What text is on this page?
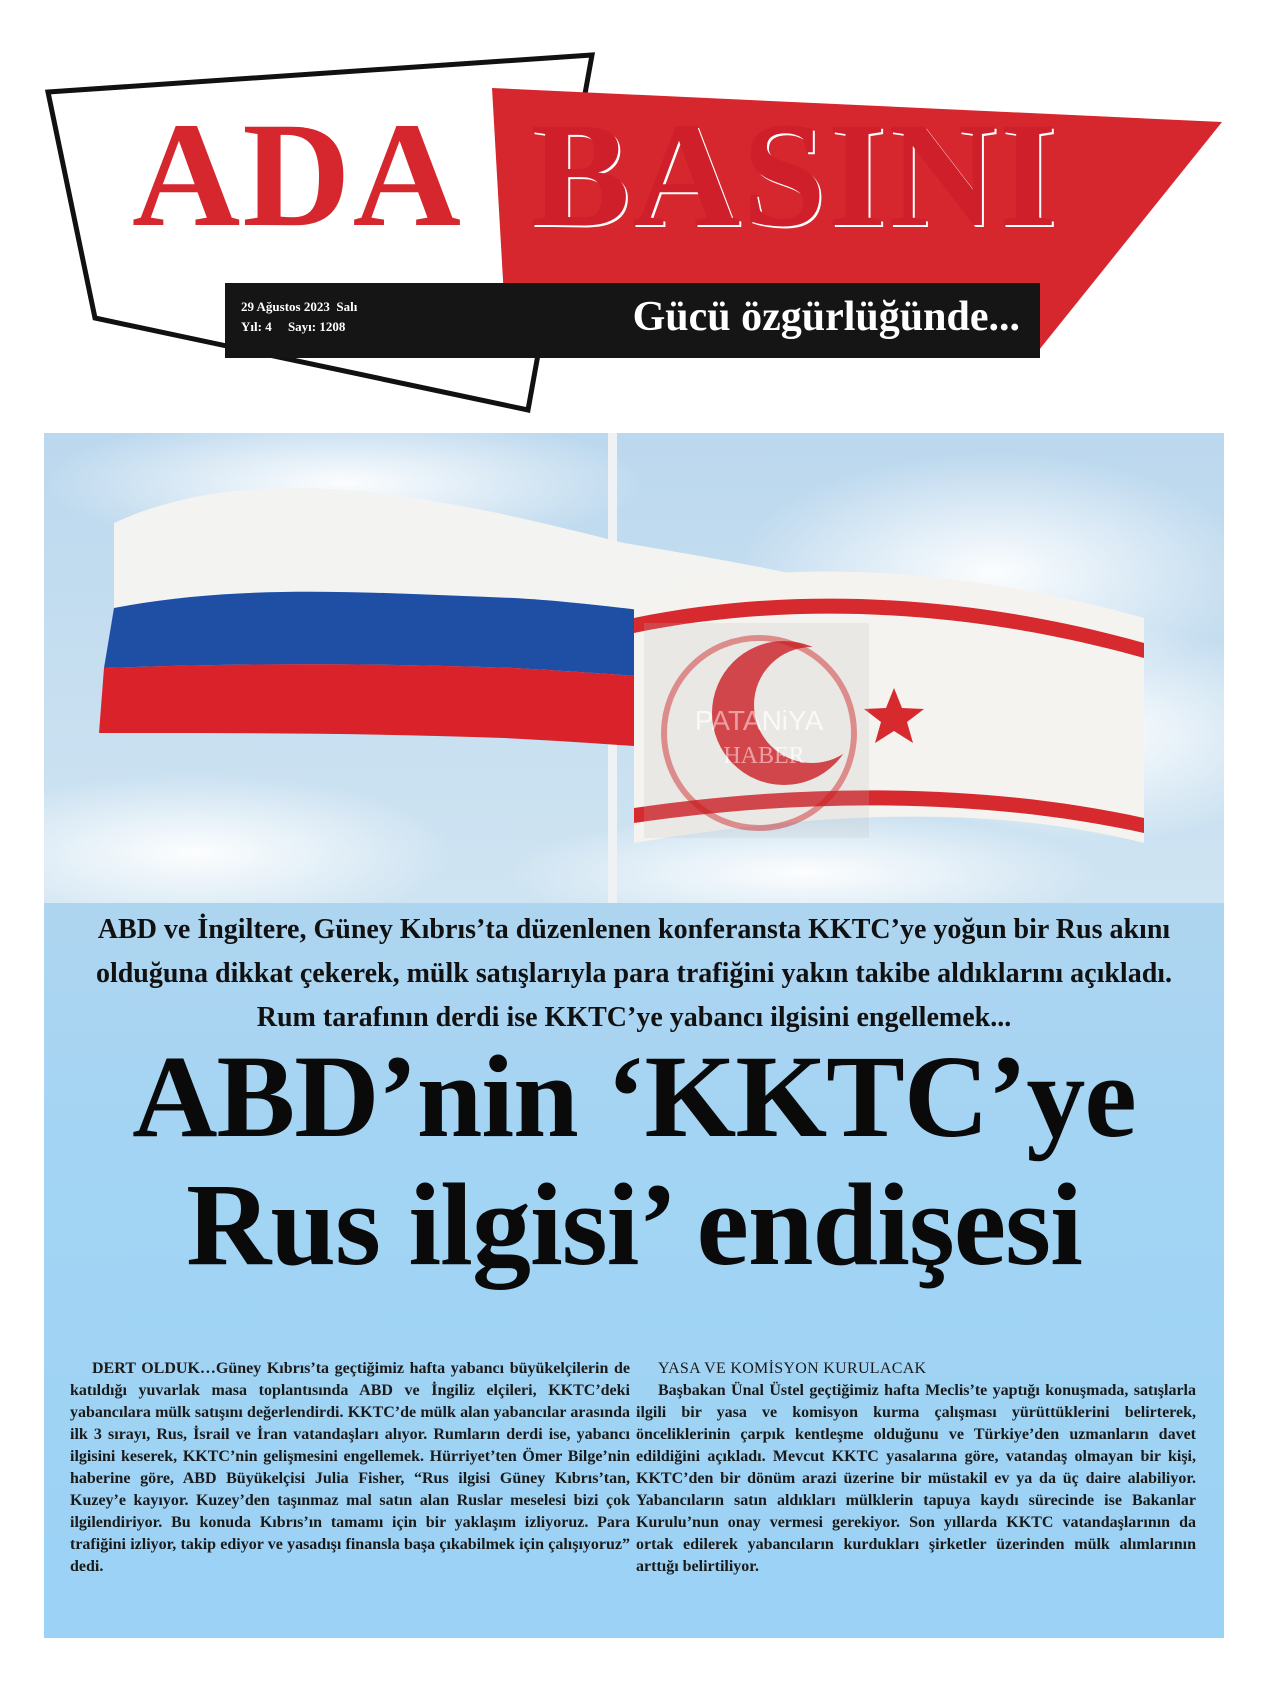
ADA BASINI
29 Ağustos 2023  Salı
Yıl: 4     Sayı: 1208	Gücü özgürlüğünde...
PATANiYA
HABER
ABD ve İngiltere, Güney Kıbrıs’ta düzenlenen konferansta KKTC’ye yoğun bir Rus akını olduğuna dikkat çekerek, mülk satışlarıyla para trafiğini yakın takibe aldıklarını açıkladı. Rum tarafının derdi ise KKTC’ye yabancı ilgisini engellemek...
ABD’nin ‘KKTC’ye Rus ilgisi’ endişesi
DERT OLDUK…Güney Kıbrıs’ta geçtiğimiz hafta yabancı büyükelçilerin de katıldığı yuvarlak masa toplantısında ABD ve İngiliz elçileri, KKTC’deki yabancılara mülk satışını değerlendirdi. KKTC’de mülk alan yabancılar arasında ilk 3 sırayı, Rus, İsrail ve İran vatandaşları alıyor. Rumların derdi ise, yabancı ilgisini keserek, KKTC’nin gelişmesini engellemek. Hürriyet’ten Ömer Bilge’nin haberine göre, ABD Büyükelçisi Julia Fisher, “Rus ilgisi Güney Kıbrıs’tan, Kuzey’e kayıyor. Kuzey’den taşınmaz mal satın alan Ruslar meselesi bizi çok ilgilendiriyor. Bu konuda Kıbrıs’ın tamamı için bir yaklaşım izliyoruz. Para trafiğini izliyor, takip ediyor ve yasadışı finansla başa çıkabilmek için çalışıyoruz” dedi.
YASA VE KOMİSYON KURULACAK
Başbakan Ünal Üstel geçtiğimiz hafta Meclis’te yaptığı konuşmada, satışlarla ilgili bir yasa ve komisyon kurma çalışması yürüttüklerini belirterek, önceliklerinin çarpık kentleşme olduğunu ve Türkiye’den uzmanların davet edildiğini açıkladı. Mevcut KKTC yasalarına göre, vatandaş olmayan bir kişi, KKTC’den bir dönüm arazi üzerine bir müstakil ev ya da üç daire alabiliyor. Yabancıların satın aldıkları mülklerin tapuya kaydı sürecinde ise Bakanlar Kurulu’nun onay vermesi gerekiyor. Son yıllarda KKTC vatandaşlarının da ortak edilerek yabancıların kurdukları şirketler üzerinden mülk alımlarının arttığı belirtiliyor.
